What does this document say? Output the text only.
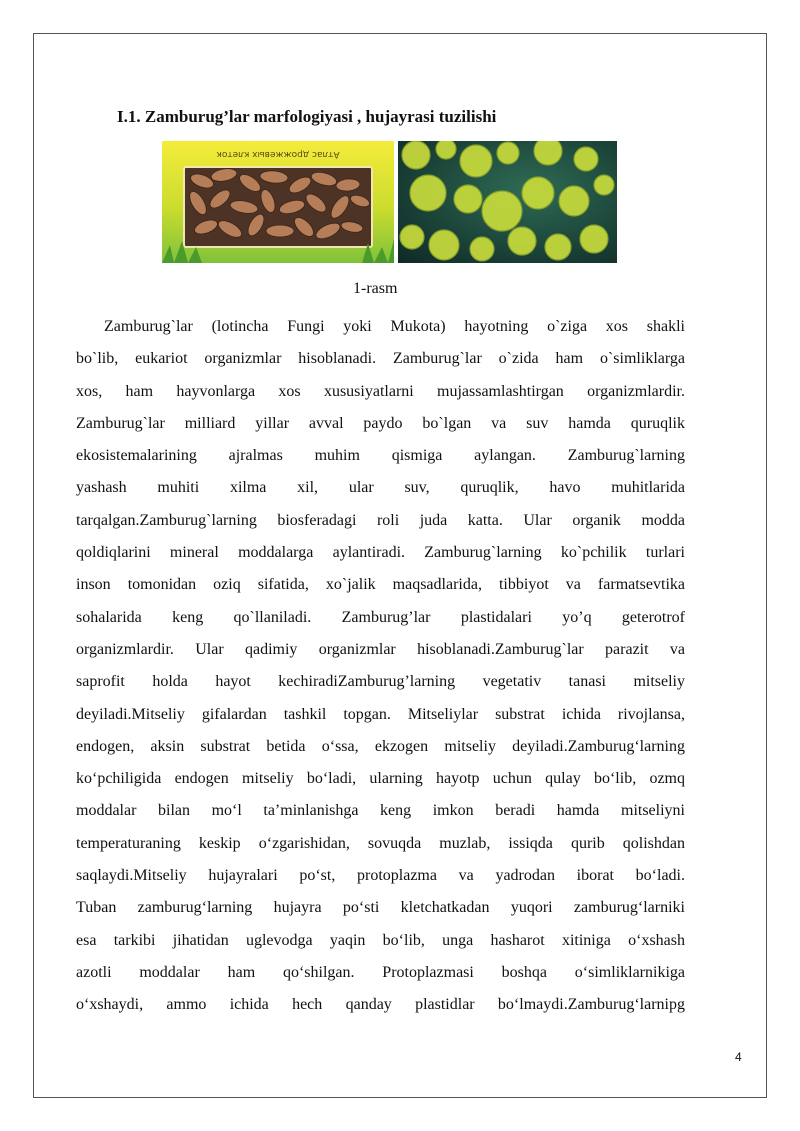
I.1. Zamburug’lar marfologiyasi , hujayrasi tuzilishi
Атлас дрожжевых клеток
1-rasm
Zamburug`lar (lotincha Fungi yoki Mukota) hayotning o`ziga xos shakli
bo`lib, eukariot organizmlar hisoblanadi. Zamburug`lar o`zida ham o`simliklarga
xos, ham hayvonlarga xos xususiyatlarni mujassamlashtirgan organizmlardir.
Zamburug`lar milliard yillar avval paydo bo`lgan va suv hamda quruqlik
ekosistemalarining ajralmas muhim qismiga aylangan. Zamburug`larning
yashash muhiti xilma xil, ular suv, quruqlik, havo muhitlarida
tarqalgan.Zamburug`larning biosferadagi roli juda katta. Ular organik modda
qoldiqlarini mineral moddalarga aylantiradi. Zamburug`larning ko`pchilik turlari
inson tomonidan oziq sifatida, xo`jalik maqsadlarida, tibbiyot va farmatsevtika
sohalarida keng qo`llaniladi. Zamburug’lar plastidalari yo’q geterotrof
organizmlardir. Ular qadimiy organizmlar hisoblanadi.Zamburug`lar parazit va
saprofit holda hayot kechiradiZamburug’larning vegetativ tanasi mitseliy
deyiladi.Mitseliy gifalardan tashkil topgan. Mitseliylar substrat ichida rivojlansa,
endogen, aksin substrat betida o‘ssa, ekzogen mitseliy deyiladi.Zamburug‘larning
ko‘pchiligida endogen mitseliy bo‘ladi, ularning hayotp uchun qulay bo‘lib, ozmq
moddalar bilan mo‘l ta’minlanishga keng imkon beradi hamda mitseliyni
temperaturaning keskip o‘zgarishidan, sovuqda muzlab, issiqda qurib qolishdan
saqlaydi.Mitseliy hujayralari po‘st, protoplazma va yadrodan iborat bo‘ladi.
Tuban zamburug‘larning hujayra po‘sti kletchatkadan yuqori zamburug‘larniki
esa tarkibi jihatidan uglevodga yaqin bo‘lib, unga hasharot xitiniga o‘xshash
azotli moddalar ham qo‘shilgan. Protoplazmasi boshqa o‘simliklarnikiga
o‘xshaydi, ammo ichida hech qanday plastidlar bo‘lmaydi.Zamburug‘larnipg
4
